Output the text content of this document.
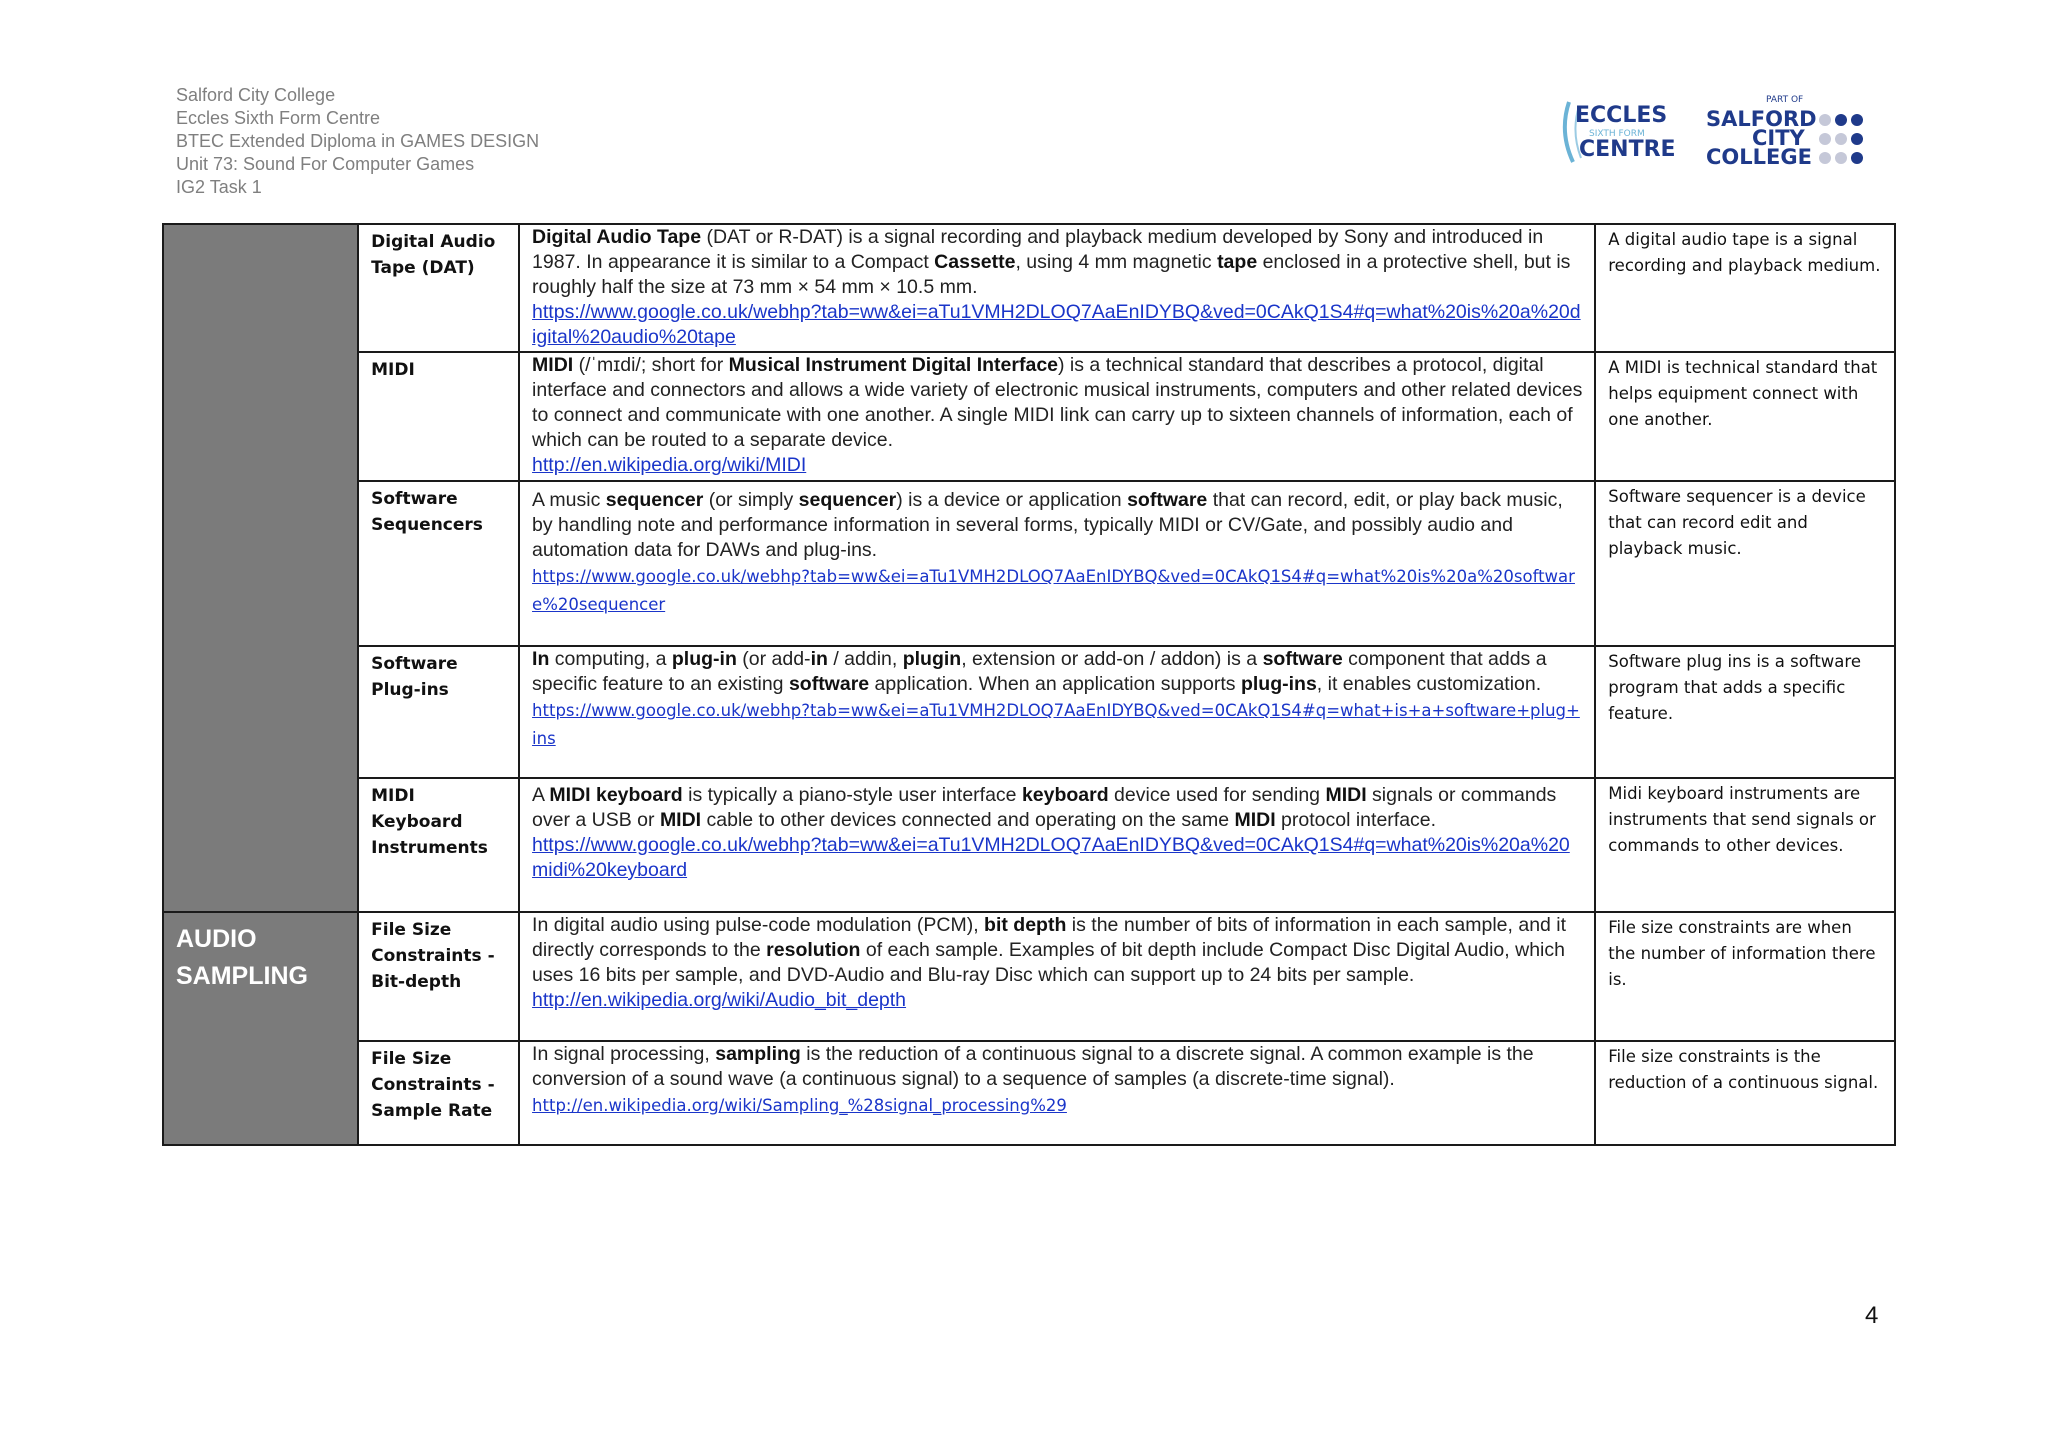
Salford City College
Eccles Sixth Form Centre
BTEC Extended Diploma in GAMES DESIGN
Unit 73: Sound For Computer Games
IG2 Task 1
ECCLES
SIXTH FORM
CENTRE
PART OF
SALFORD
CITY
COLLEGE

	Digital Audio Tape (DAT)	Digital Audio Tape (DAT or R-DAT) is a signal recording and playback medium developed by Sony and introduced in 1987. In appearance it is similar to a Compact Cassette, using 4 mm magnetic tape enclosed in a protective shell, but is roughly half the size at 73 mm × 54 mm × 10.5 mm.
https://www.google.co.uk/webhp?tab=ww&ei=aTu1VMH2DLOQ7AaEnIDYBQ&ved=0CAkQ1S4#q=what%20is%20a%20digital%20audio%20tape	A digital audio tape is a signal recording and playback medium.

	MIDI	MIDI (/ˈmɪdi/; short for Musical Instrument Digital Interface) is a technical standard that describes a protocol, digital interface and connectors and allows a wide variety of electronic musical instruments, computers and other related devices to connect and communicate with one another. A single MIDI link can carry up to sixteen channels of information, each of which can be routed to a separate device.
http://en.wikipedia.org/wiki/MIDI	A MIDI is technical standard that helps equipment connect with one another.

	Software Sequencers	A music sequencer (or simply sequencer) is a device or application software that can record, edit, or play back music, by handling note and performance information in several forms, typically MIDI or CV/Gate, and possibly audio and automation data for DAWs and plug-ins.
https://www.google.co.uk/webhp?tab=ww&ei=aTu1VMH2DLOQ7AaEnIDYBQ&ved=0CAkQ1S4#q=what%20is%20a%20software%20sequencer	Software sequencer is a device that can record edit and playback music.

	Software Plug-ins	In computing, a plug-in (or add-in / addin, plugin, extension or add-on / addon) is a software component that adds a specific feature to an existing software application. When an application supports plug-ins, it enables customization.
https://www.google.co.uk/webhp?tab=ww&ei=aTu1VMH2DLOQ7AaEnIDYBQ&ved=0CAkQ1S4#q=what+is+a+software+plug+ins	Software plug ins is a software program that adds a specific feature.

	MIDI Keyboard Instruments	A MIDI keyboard is typically a piano-style user interface keyboard device used for sending MIDI signals or commands over a USB or MIDI cable to other devices connected and operating on the same MIDI protocol interface.
https://www.google.co.uk/webhp?tab=ww&ei=aTu1VMH2DLOQ7AaEnIDYBQ&ved=0CAkQ1S4#q=what%20is%20a%20midi%20keyboard	Midi keyboard instruments are instruments that send signals or commands to other devices.

AUDIO SAMPLING	File Size Constraints - Bit-depth	In digital audio using pulse-code modulation (PCM), bit depth is the number of bits of information in each sample, and it directly corresponds to the resolution of each sample. Examples of bit depth include Compact Disc Digital Audio, which uses 16 bits per sample, and DVD-Audio and Blu-ray Disc which can support up to 24 bits per sample.
http://en.wikipedia.org/wiki/Audio_bit_depth	File size constraints are when the number of information there is.

	File Size Constraints - Sample Rate	In signal processing, sampling is the reduction of a continuous signal to a discrete signal. A common example is the conversion of a sound wave (a continuous signal) to a sequence of samples (a discrete-time signal).
http://en.wikipedia.org/wiki/Sampling_%28signal_processing%29	File size constraints is the reduction of a continuous signal.
4
